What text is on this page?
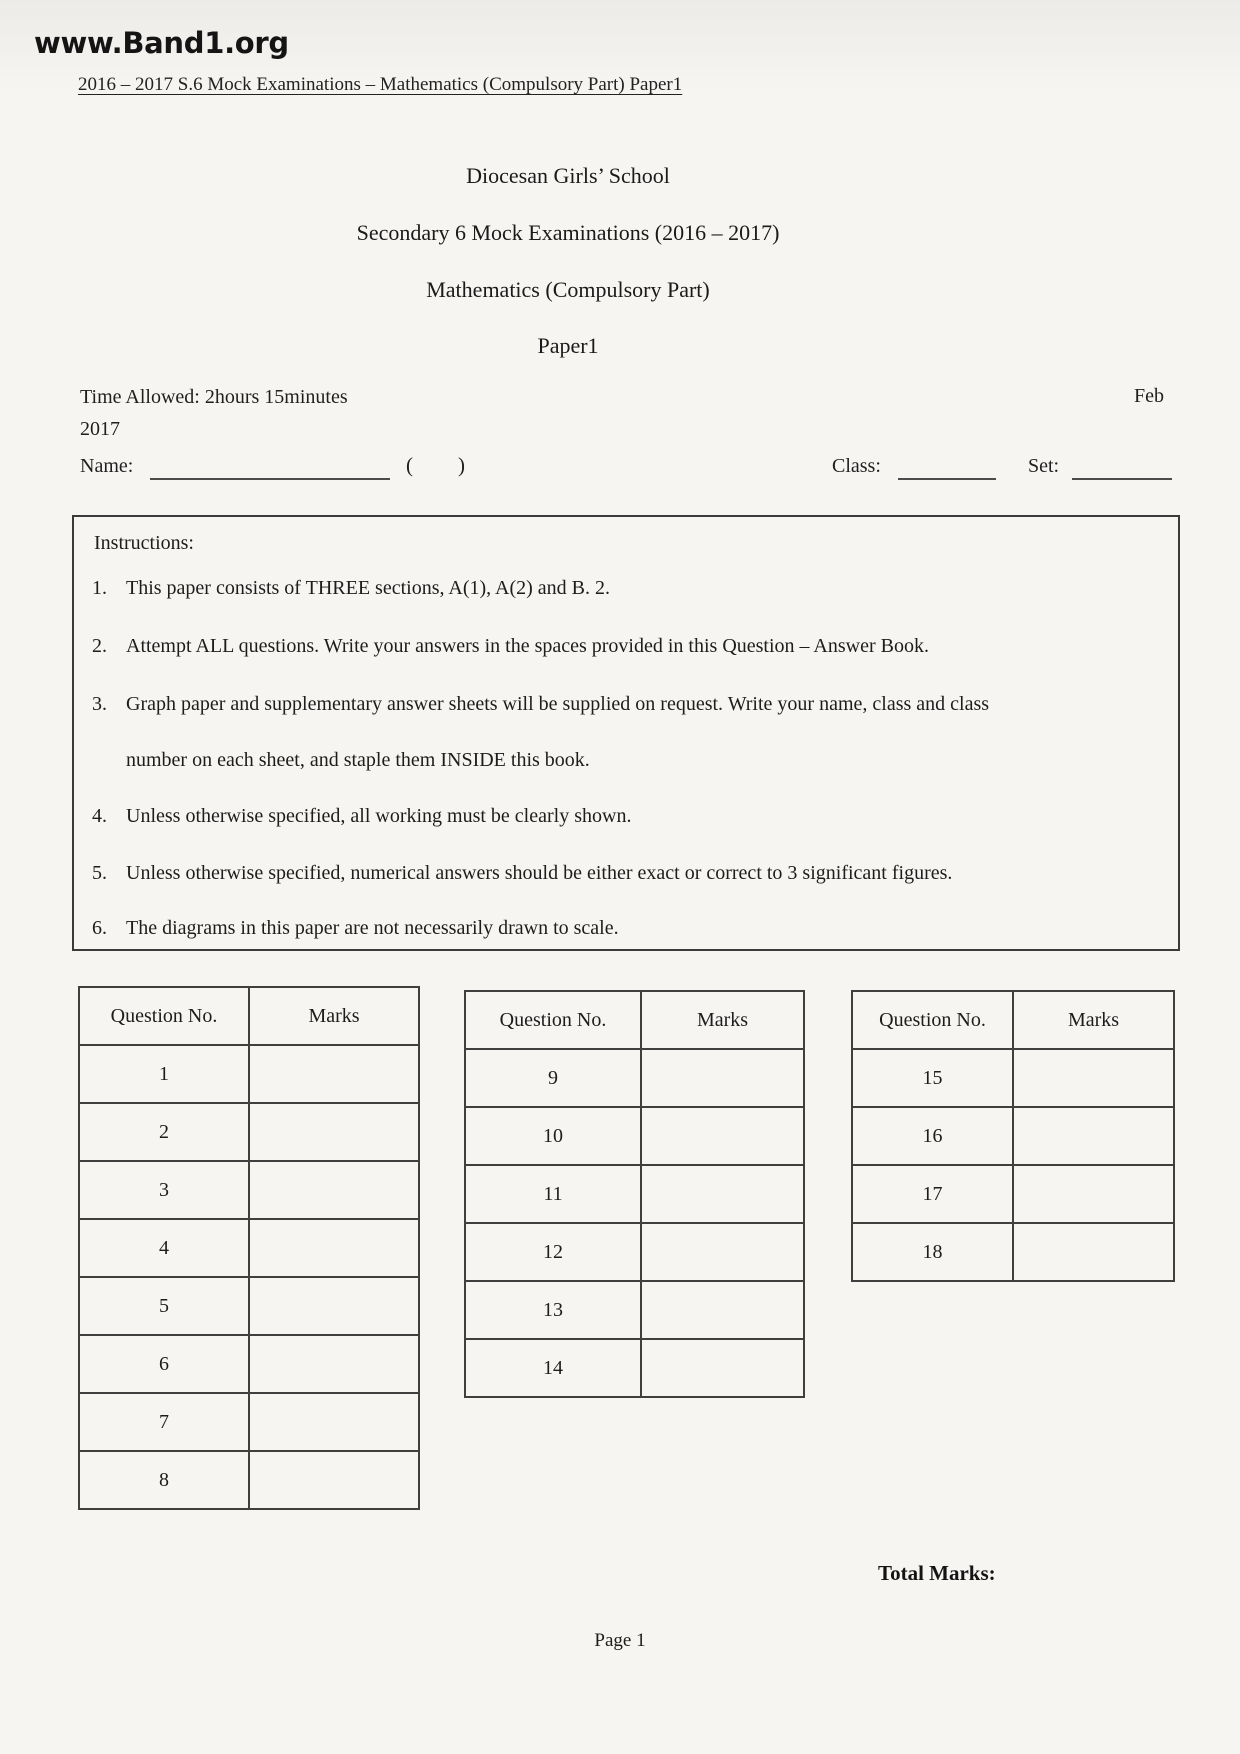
www.Band1.org
2016 – 2017 S.6 Mock Examinations – Mathematics (Compulsory Part) Paper1
Diocesan Girls’ School
Secondary 6 Mock Examinations (2016 – 2017)
Mathematics (Compulsory Part)
Paper1
Time Allowed: 2hours 15minutes	Feb
2017
Name:	( )	Class:	Set:
Instructions:
1. This paper consists of THREE sections, A(1), A(2) and B. 2.
2. Attempt ALL questions. Write your answers in the spaces provided in this Question – Answer Book.
3. Graph paper and supplementary answer sheets will be supplied on request. Write your name, class and class
number on each sheet, and staple them INSIDE this book.
4. Unless otherwise specified, all working must be clearly shown.
5. Unless otherwise specified, numerical answers should be either exact or correct to 3 significant figures.
6. The diagrams in this paper are not necessarily drawn to scale.
Question No.	Marks
1	
2	
3	
4	
5	
6	
7	
8	
Question No.	Marks
9	
10	
11	
12	
13	
14	
Question No.	Marks
15	
16	
17	
18	
Total Marks:
Page 1
